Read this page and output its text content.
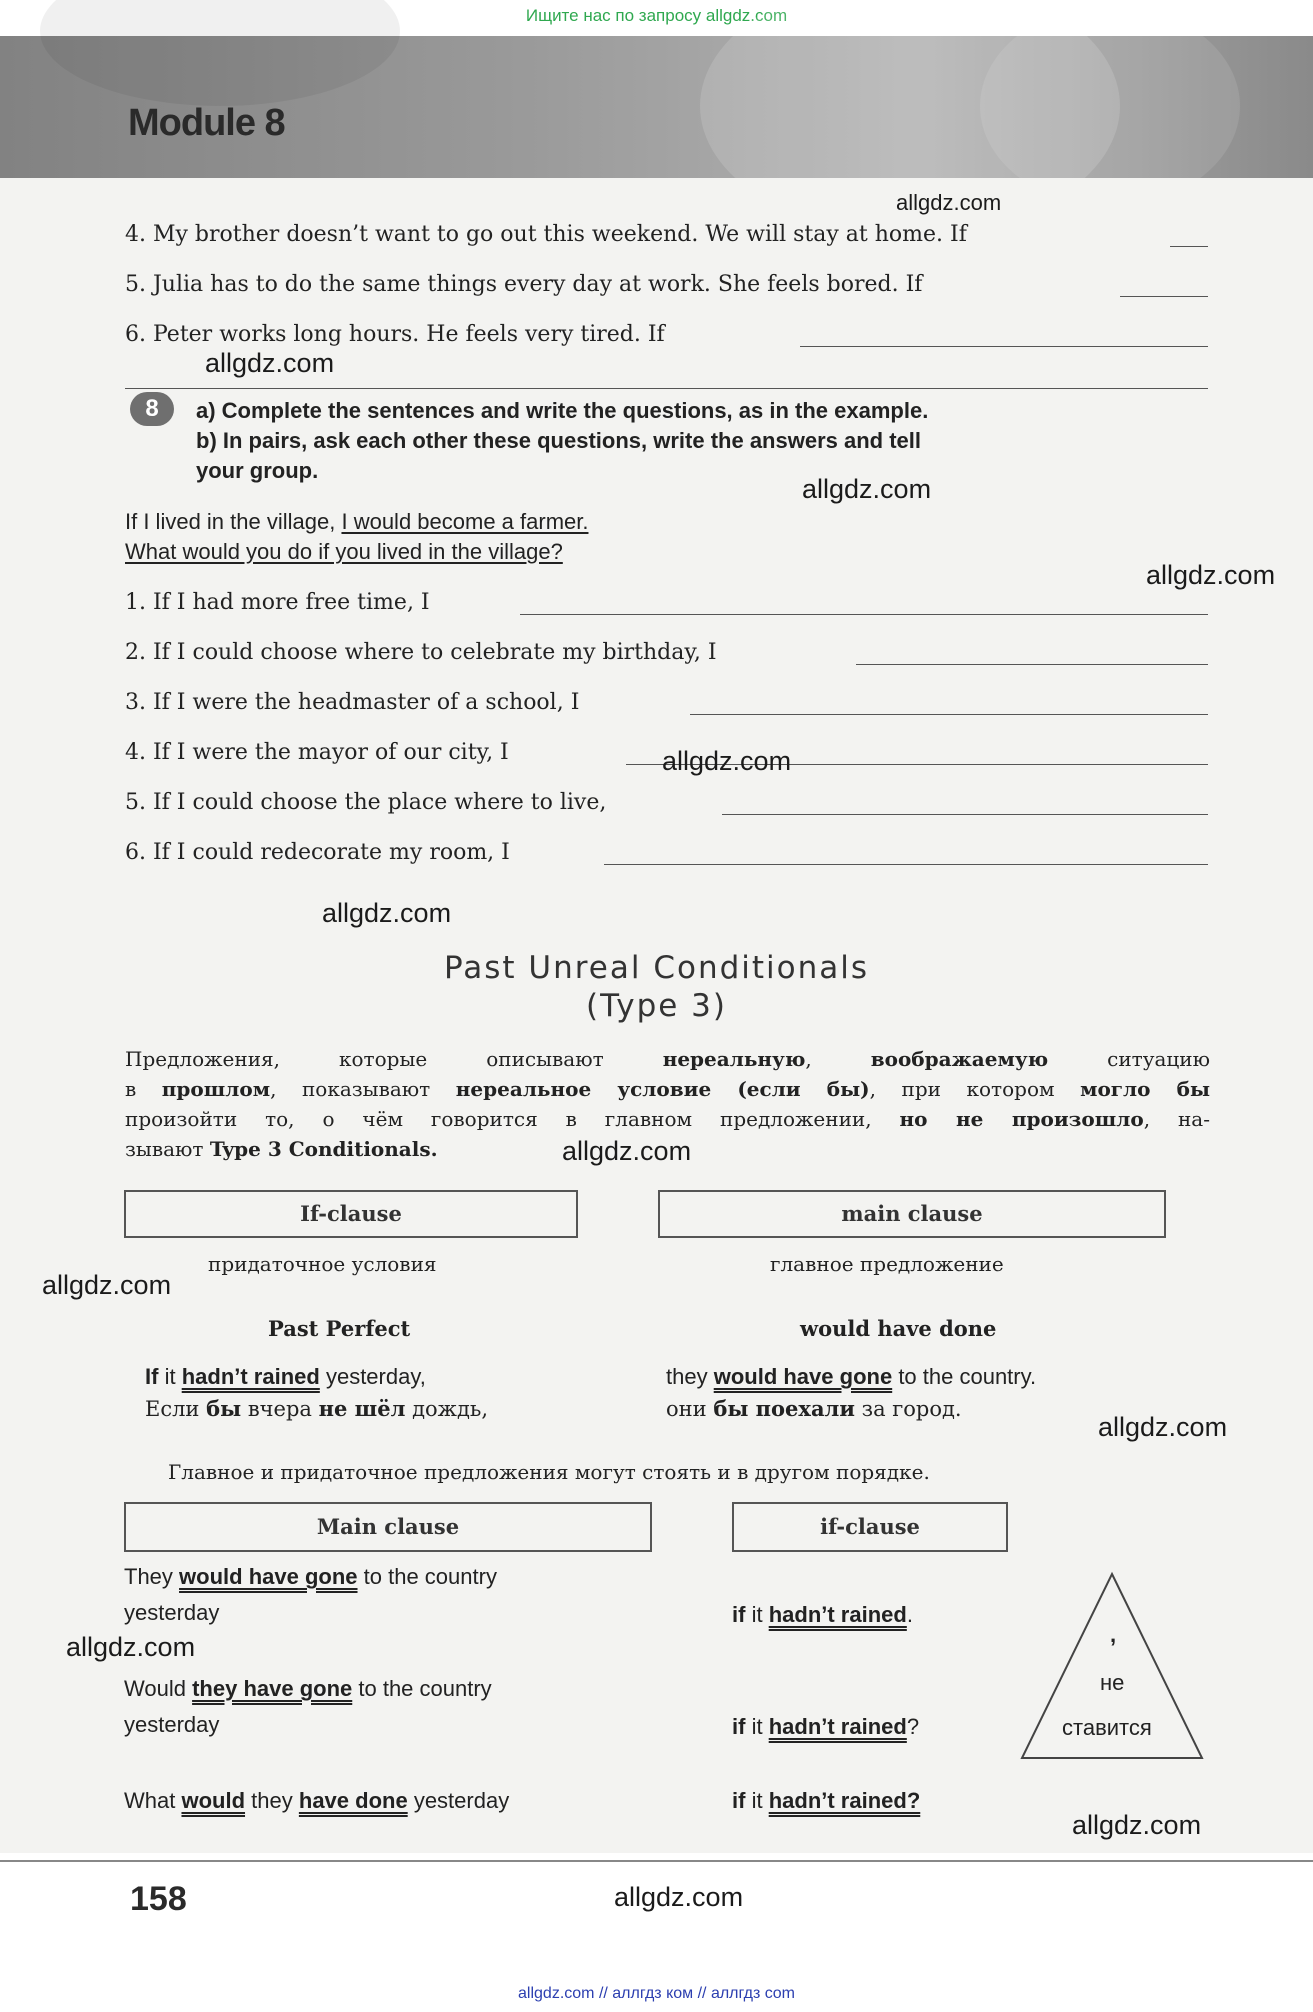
Ищите нас по запросу allgdz.com
Module 8
4. My brother doesn’t want to go out this weekend. We will stay at home. If
5. Julia has to do the same things every day at work. She feels bored. If
6. Peter works long hours. He feels very tired. If
8	a) Complete the sentences and write the questions, as in the example.
b) In pairs, ask each other these questions, write the answers and tell
your group.
If I lived in the village, I would become a farmer.
What would you do if you lived in the village?
1. If I had more free time, I
2. If I could choose where to celebrate my birthday, I
3. If I were the headmaster of a school, I
4. If I were the mayor of our city, I
5. If I could choose the place where to live,
6. If I could redecorate my room, I
Past Unreal Conditionals
(Type 3)
Предложения, которые описывают нереальную, воображаемую ситуацию
в прошлом, показывают нереальное условие (если бы), при котором могло бы
произойти то, о чём говорится в главном предложении, но не произошло, на-
зывают Type 3 Conditionals.
If-clause	main clause
придаточное условия	главное предложение
Past Perfect	would have done
If it hadn’t rained yesterday,	they would have gone to the country.
Если бы вчера не шёл дождь,	они бы поехали за город.
Главное и придаточное предложения могут стоять и в другом порядке.
Main clause	if-clause
They would have gone to the country
yesterday	if it hadn’t rained.
Would they have gone to the country
yesterday	if it hadn’t rained?
What would they have done yesterday	if it hadn’t rained?
,
не
ставится
158
allgdz.com
allgdz.com
allgdz.com
allgdz.com
allgdz.com
allgdz.com
allgdz.com
allgdz.com
allgdz.com
allgdz.com
allgdz.com
allgdz.com
allgdz.com // аллгдз ком // аллгдз com
